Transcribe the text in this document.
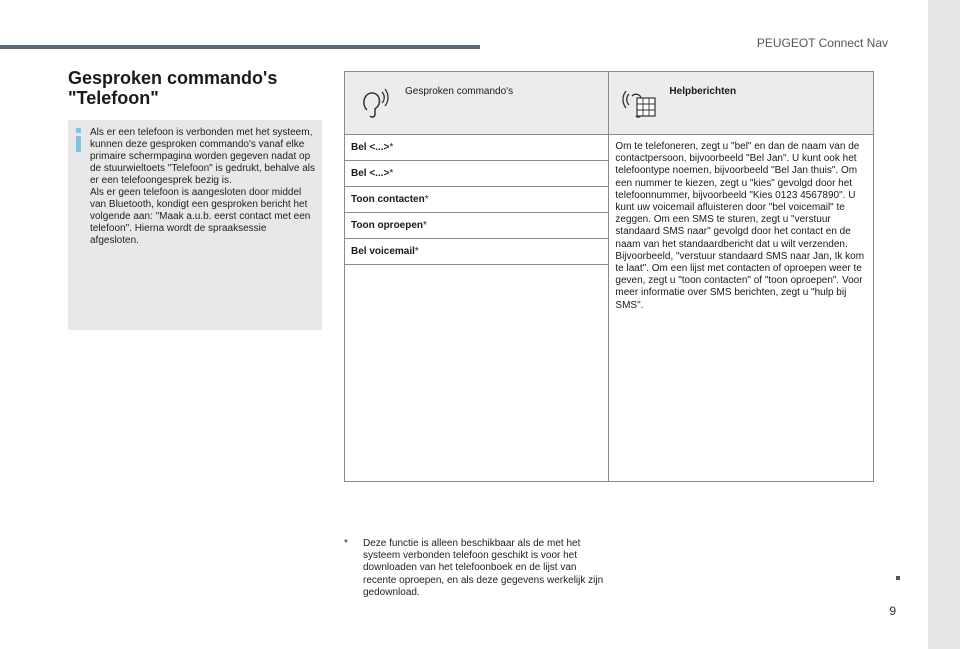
PEUGEOT Connect Nav
9
Gesproken commando's
"Telefoon"
Als er een telefoon is verbonden met het systeem, kunnen deze gesproken commando's vanaf elke primaire schermpagina worden gegeven nadat op de stuurwieltoets "Telefoon" is gedrukt, behalve als er een telefoongesprek bezig is.
Als er geen telefoon is aangesloten door middel van Bluetooth, kondigt een gesproken bericht het volgende aan: "Maak a.u.b. eerst contact met een telefoon". Hierna wordt de spraaksessie afgesloten.
Gesproken commando's	Helpberichten

Bel <...>*	Om te telefoneren, zegt u "bel" en dan de naam van de contactpersoon, bijvoorbeeld "Bel Jan". U kunt ook het telefoontype noemen, bijvoorbeeld "Bel Jan thuis". Om een nummer te kiezen, zegt u "kies" gevolgd door het telefoonnummer, bijvoorbeeld "Kies 0123 4567890". U kunt uw voicemail afluisteren door "bel voicemail" te zeggen. Om een SMS te sturen, zegt u "verstuur standaard SMS naar" gevolgd door het contact en de naam van het standaardbericht dat u wilt verzenden. Bijvoorbeeld, "verstuur standaard SMS naar Jan, Ik kom te laat". Om een lijst met contacten of oproepen weer te geven, zegt u "toon contacten" of "toon oproepen". Voor meer informatie over SMS berichten, zegt u "hulp bij SMS".
Bel <...>*	
Toon contacten*	
Toon oproepen*	
Bel voicemail*	

* Deze functie is alleen beschikbaar als de met het systeem verbonden telefoon geschikt is voor het downloaden van het telefoonboek en de lijst van recente oproepen, en als deze gegevens werkelijk zijn gedownload.
